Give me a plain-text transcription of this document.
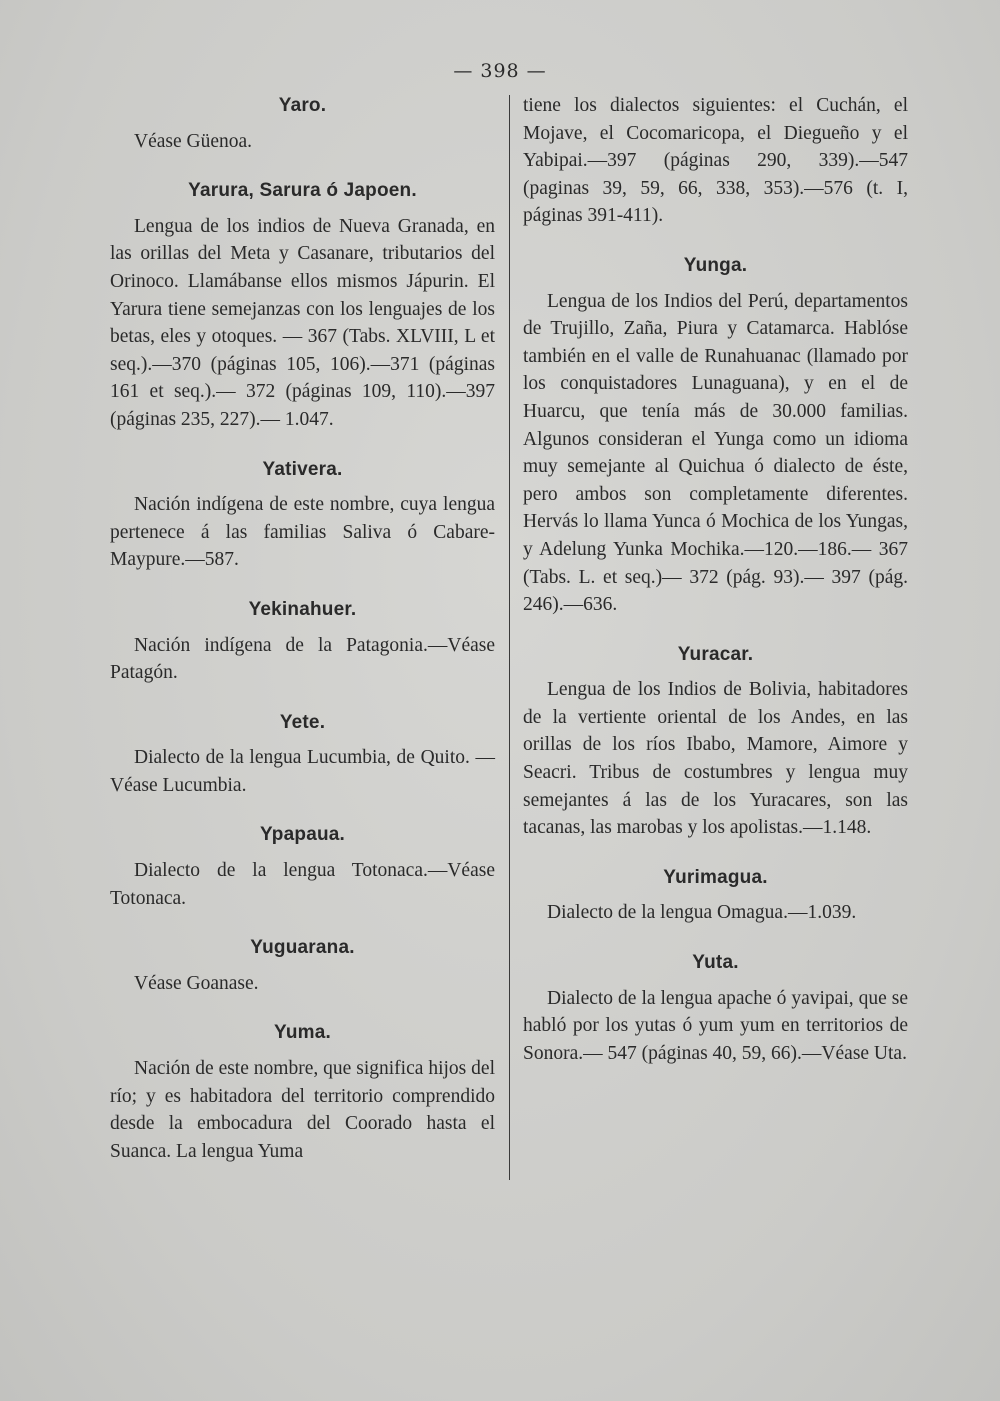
— 398 —
Yaro.

Véase Güenoa.

Yarura, Sarura ó Japoen.

Lengua de los indios de Nueva Granada, en las orillas del Meta y Casanare, tributarios del Orinoco. Llamábanse ellos mismos Jápurin. El Yarura tiene semejanzas con los lenguajes de los betas, eles y otoques. — 367 (Tabs. XLVIII, L et seq.).—370 (páginas 105, 106).—371 (páginas 161 et seq.).— 372 (páginas 109, 110).—397 (páginas 235, 227).— 1.047.

Yativera.

Nación indígena de este nombre, cuya lengua pertenece á las familias Saliva ó Cabare-Maypure.—587.

Yekinahuer.

Nación indígena de la Patagonia.—Véase Patagón.

Yete.

Dialecto de la lengua Lucumbia, de Quito. —Véase Lucumbia.

Ypapaua.

Dialecto de la lengua Totonaca.—Véase Totonaca.

Yuguarana.

Véase Goanase.

Yuma.

Nación de este nombre, que significa hijos del río; y es habitadora del territorio comprendido desde la embocadura del Coorado hasta el Suanca. La lengua Yuma

tiene los dialectos siguientes: el Cuchán, el Mojave, el Cocomaricopa, el Diegueño y el Yabipai.—397 (páginas 290, 339).—547 (paginas 39, 59, 66, 338, 353).—576 (t. I, páginas 391-411).

Yunga.

Lengua de los Indios del Perú, departamentos de Trujillo, Zaña, Piura y Catamarca. Hablóse también en el valle de Runahuanac (llamado por los conquistadores Lunaguana), y en el de Huarcu, que tenía más de 30.000 familias. Algunos consideran el Yunga como un idioma muy semejante al Quichua ó dialecto de éste, pero ambos son completamente diferentes. Hervás lo llama Yunca ó Mochica de los Yungas, y Adelung Yunka Mochika.—120.—186.— 367 (Tabs. L. et seq.)— 372 (pág. 93).— 397 (pág. 246).—636.

Yuracar.

Lengua de los Indios de Bolivia, habitadores de la vertiente oriental de los Andes, en las orillas de los ríos Ibabo, Mamore, Aimore y Seacri. Tribus de costumbres y lengua muy semejantes á las de los Yuracares, son las tacanas, las marobas y los apolistas.—1.148.

Yurimagua.

Dialecto de la lengua Omagua.—1.039.

Yuta.

Dialecto de la lengua apache ó yavipai, que se habló por los yutas ó yum yum en territorios de Sonora.— 547 (páginas 40, 59, 66).—Véase Uta.
